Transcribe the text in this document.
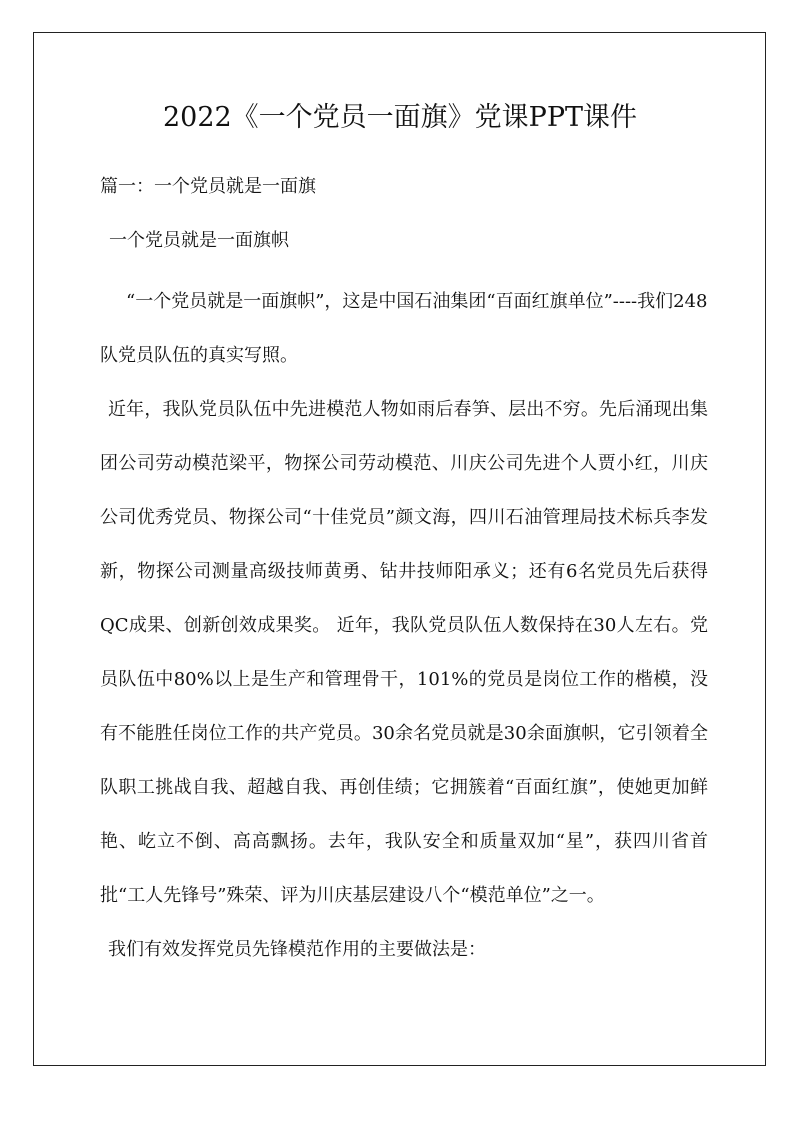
2022《一个党员一面旗》党课PPT课件

篇一：一个党员就是一面旗

一个党员就是一面旗帜

“一个党员就是一面旗帜”，这是中国石油集团“百面红旗单位”----我们248队党员队伍的真实写照。

近年，我队党员队伍中先进模范人物如雨后春笋、层出不穷。先后涌现出集团公司劳动模范梁平，物探公司劳动模范、川庆公司先进个人贾小红，川庆公司优秀党员、物探公司“十佳党员”颜文海，四川石油管理局技术标兵李发新，物探公司测量高级技师黄勇、钻井技师阳承义；还有6名党员先后获得QC成果、创新创效成果奖。 近年，我队党员队伍人数保持在30人左右。党员队伍中80%以上是生产和管理骨干，101%的党员是岗位工作的楷模，没有不能胜任岗位工作的共产党员。30余名党员就是30余面旗帜，它引领着全队职工挑战自我、超越自我、再创佳绩；它拥簇着“百面红旗”，使她更加鲜艳、屹立不倒、高高飘扬。去年，我队安全和质量双加“星”，获四川省首批“工人先锋号”殊荣、评为川庆基层建设八个“模范单位”之一。

我们有效发挥党员先锋模范作用的主要做法是：
